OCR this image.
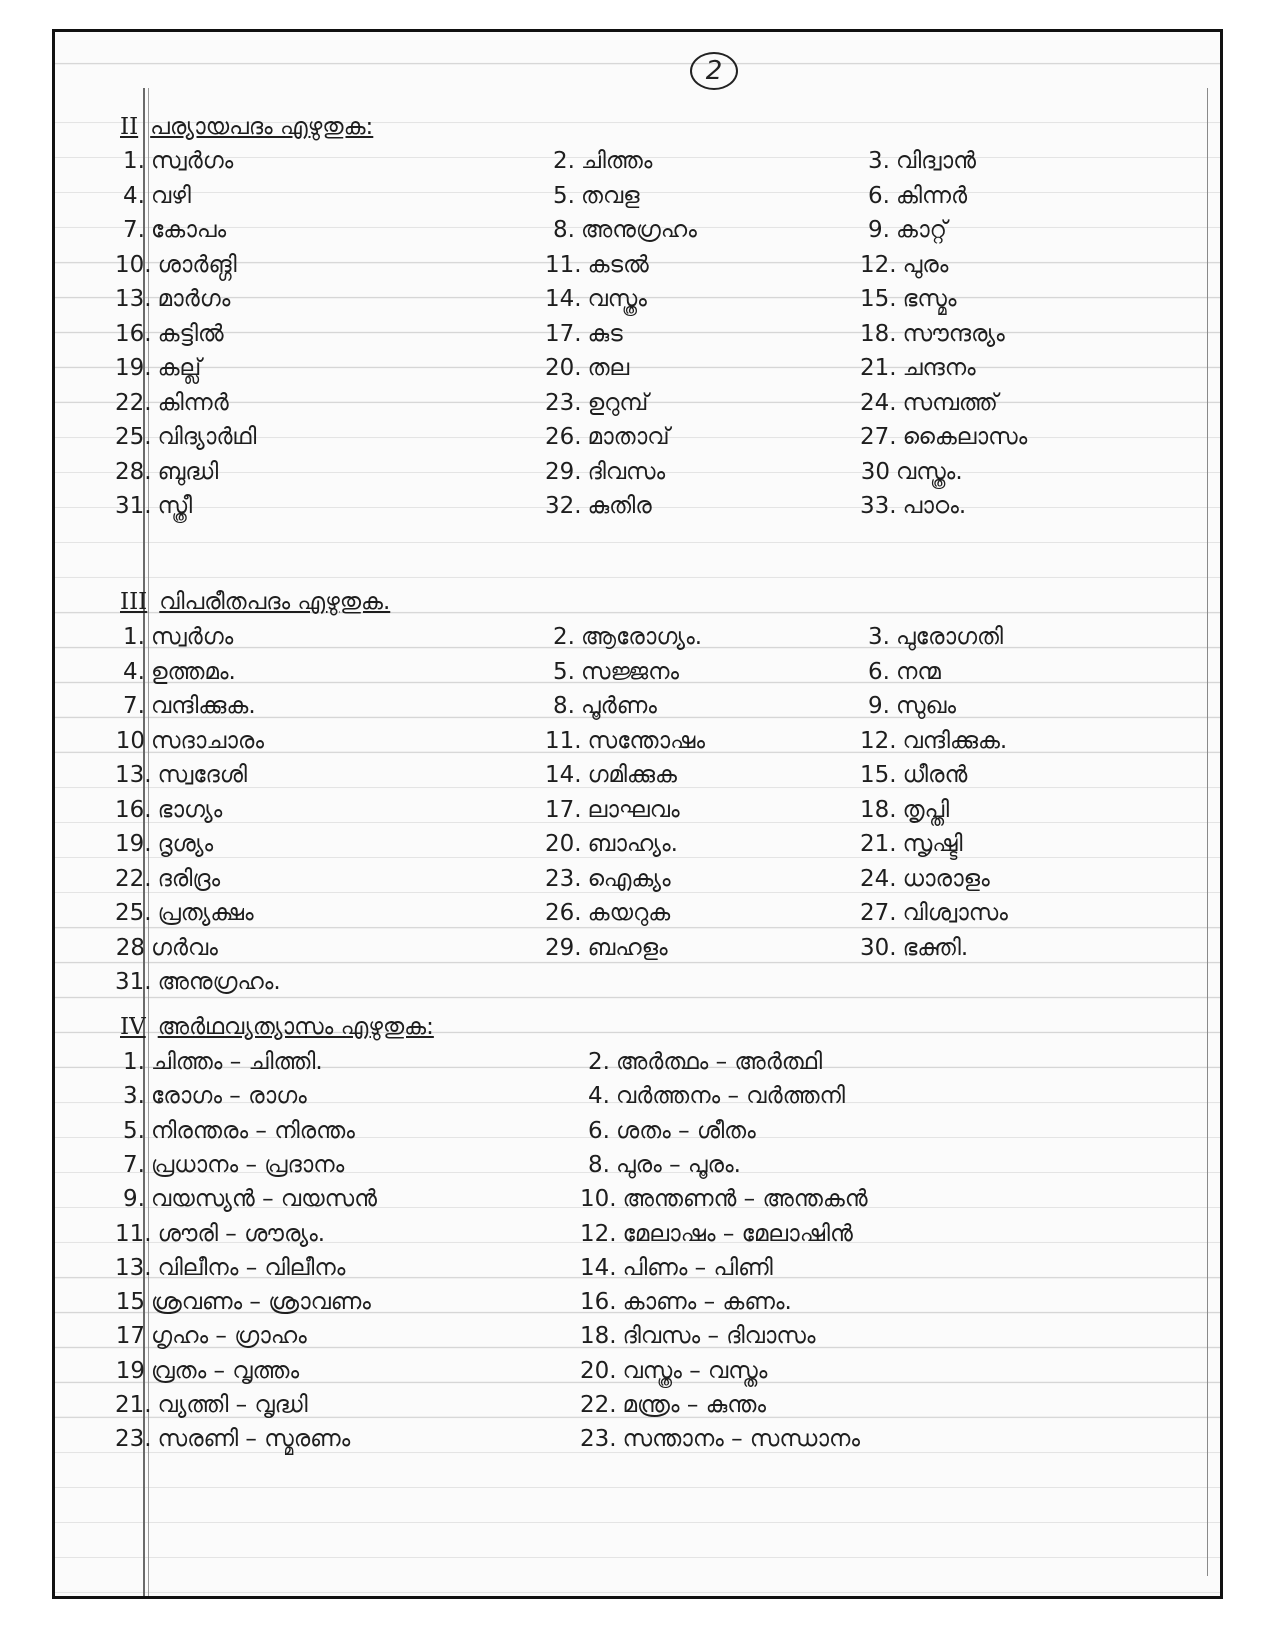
2
II പര്യായപദം എഴുതുക:
1. സ്വർഗം	2. ചിത്തം	3. വിദ്വാൻ
4. വഴി	5. തവള	6. കിന്നർ
7. കോപം	8. അനുഗ്രഹം	9. കാറ്റ്
10. ശാർങ്ഗി	11. കടൽ	12. പുരം
13. മാർഗം	14. വസ്ത്രം	15. ഭസ്മം
16. കട്ടിൽ	17. കുട	18. സൗന്ദര്യം
19. കല്ല്	20. തല	21. ചന്ദനം
22. കിന്നർ	23. ഉറുമ്പ്	24. സമ്പത്ത്
25. വിദ്യാർഥി	26. മാതാവ്	27. കൈലാസം
28. ബുദ്ധി	29. ദിവസം	30 വസ്ത്രം.
31. സ്ത്രീ	32. കുതിര	33. പാഠം.
III വിപരീതപദം എഴുതുക.
1. സ്വർഗം	2. ആരോഗ്യം.	3. പുരോഗതി
4. ഉത്തമം.	5. സജ്ജനം	6. നന്മ
7. വന്ദിക്കുക.	8. പൂർണം	9. സുഖം
10 സദാചാരം	11. സന്തോഷം	12. വന്ദിക്കുക.
13. സ്വദേശി	14. ഗമിക്കുക	15. ധീരൻ
16. ഭാഗ്യം	17. ലാഘവം	18. തൃപ്തി
19. ദൃശ്യം	20. ബാഹ്യം.	21. സൃഷ്ടി
22. ദരിദ്രം	23. ഐക്യം	24. ധാരാളം
25. പ്രത്യക്ഷം	26. കയറുക	27. വിശ്വാസം
28 ഗർവം	29. ബഹളം	30. ഭക്തി.
31. അനുഗ്രഹം.
IV അർഥവ്യത്യാസം എഴുതുക:
1. ചിത്തം – ചിത്തി.	2. അർത്ഥം – അർത്ഥി
3. രോഗം – രാഗം	4. വർത്തനം – വർത്തനി
5. നിരന്തരം – നിരന്തം	6. ശതം – ശീതം
7. പ്രധാനം – പ്രദാനം	8. പുരം – പൂരം.
9. വയസ്യൻ – വയസൻ	10. അന്തണൻ – അന്തകൻ
11. ശൗരി – ശൗര്യം.	12. മേലാഷം – മേലാഷിൻ
13. വിലീനം – വിലീനം	14. പിണം – പിണി
15 ശ്രവണം – ശ്രാവണം	16. കാണം – കണം.
17 ഗൃഹം – ഗ്രാഹം	18. ദിവസം – ദിവാസം
19 വ്രതം – വൃത്തം	20. വസ്ത്രം – വസ്തം
21. വ്യത്തി – വൃദ്ധി	22. മന്ത്രം – കുന്തം
23. സരണി – സ്മരണം	23. സന്താനം – സന്ധാനം
